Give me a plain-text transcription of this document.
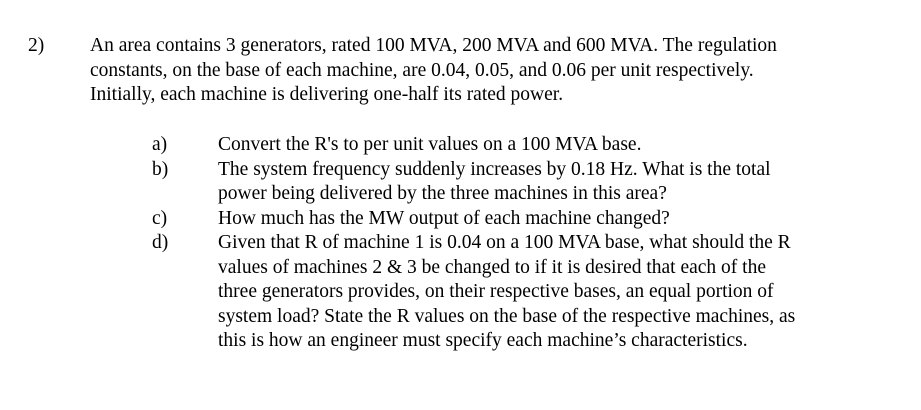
2) An area contains 3 generators, rated 100 MVA, 200 MVA and 600 MVA. The regulation
constants, on the base of each machine, are 0.04, 0.05, and 0.06 per unit respectively.
Initially, each machine is delivering one-half its rated power.
a)	Convert the R's to per unit values on a 100 MVA base.
b)	The system frequency suddenly increases by 0.18 Hz. What is the total
power being delivered by the three machines in this area?
c)	How much has the MW output of each machine changed?
d)	Given that R of machine 1 is 0.04 on a 100 MVA base, what should the R
values of machines 2 & 3 be changed to if it is desired that each of the
three generators provides, on their respective bases, an equal portion of
system load? State the R values on the base of the respective machines, as
this is how an engineer must specify each machine’s characteristics.
